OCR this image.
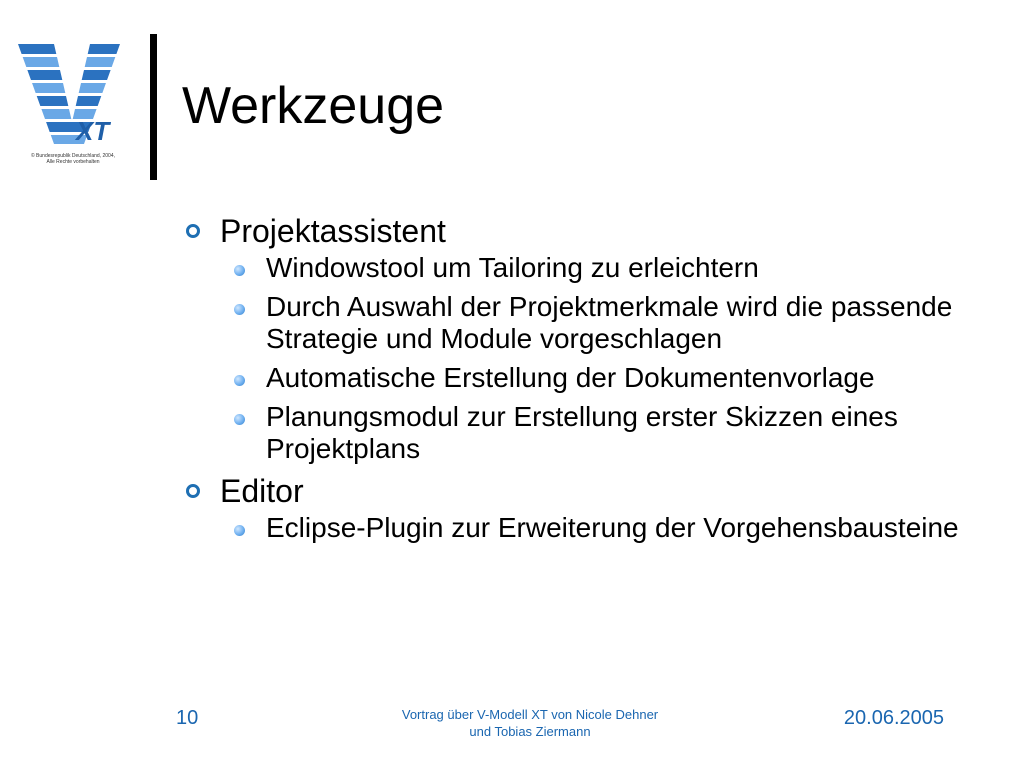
XT
© Bundesrepublik Deutschland, 2004,
Alle Rechte vorbehalten
Werkzeuge
Projektassistent
Windowstool um Tailoring zu erleichtern
Durch Auswahl der Projektmerkmale wird die passende Strategie und Module vorgeschlagen
Automatische Erstellung der Dokumentenvorlage
Planungsmodul zur Erstellung erster Skizzen eines Projektplans
Editor
Eclipse-Plugin zur Erweiterung der Vorgehensbausteine
10	Vortrag über V-Modell XT von Nicole Dehner
und Tobias Ziermann
20.06.2005
